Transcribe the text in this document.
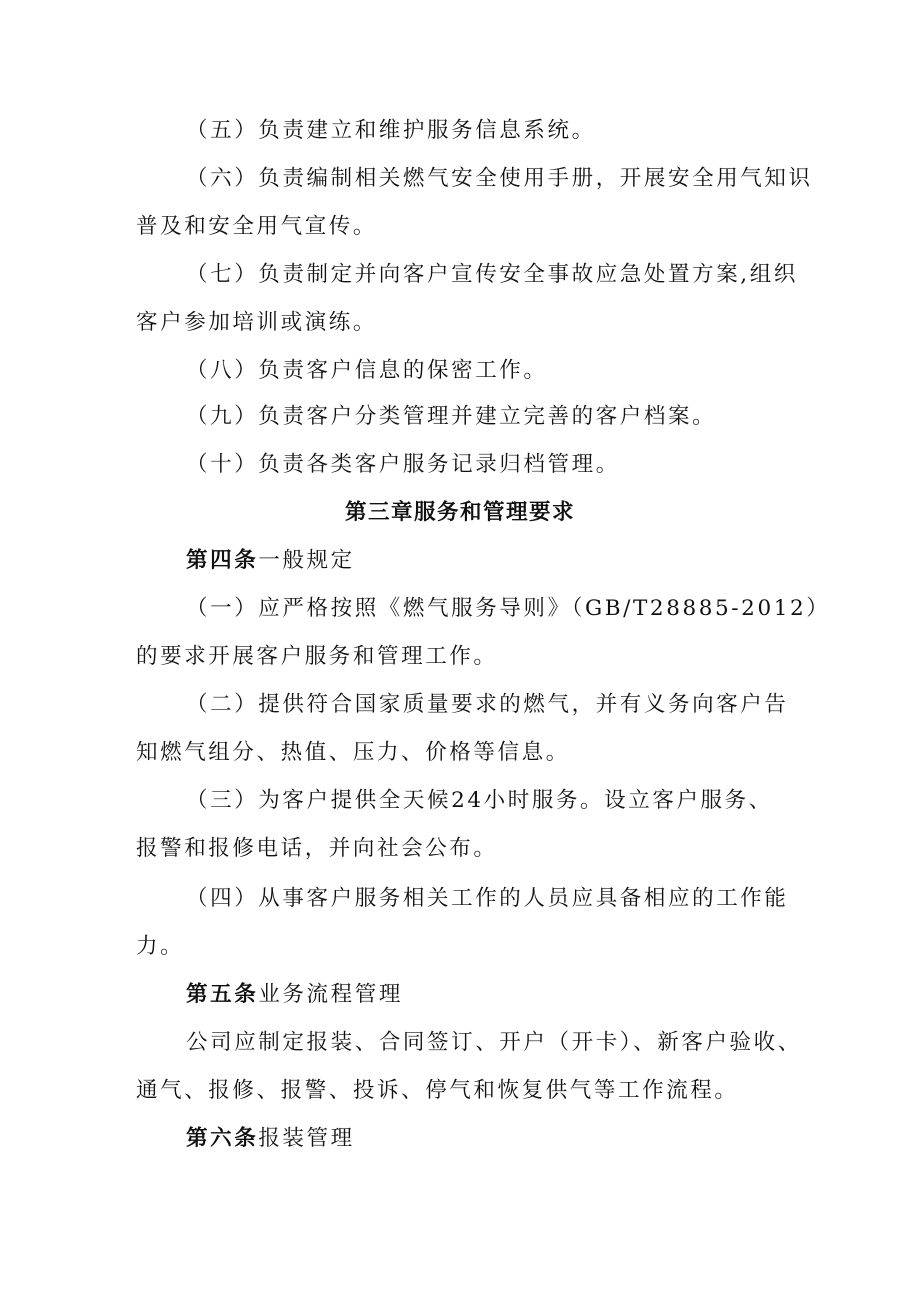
（五）负责建立和维护服务信息系统。
（六）负责编制相关燃气安全使用手册，开展安全用气知识
普及和安全用气宣传。
（七）负责制定并向客户宣传安全事故应急处置方案,组织
客户参加培训或演练。
（八）负责客户信息的保密工作。
（九）负责客户分类管理并建立完善的客户档案。
（十）负责各类客户服务记录归档管理。
第三章服务和管理要求
第四条一般规定
（一）应严格按照《燃气服务导则》（GB/T28885-2012）
的要求开展客户服务和管理工作。
（二）提供符合国家质量要求的燃气，并有义务向客户告
知燃气组分、热值、压力、价格等信息。
（三）为客户提供全天候24小时服务。设立客户服务、
报警和报修电话，并向社会公布。
（四）从事客户服务相关工作的人员应具备相应的工作能
力。
第五条业务流程管理
公司应制定报装、合同签订、开户（开卡）、新客户验收、
通气、报修、报警、投诉、停气和恢复供气等工作流程。
第六条报装管理
